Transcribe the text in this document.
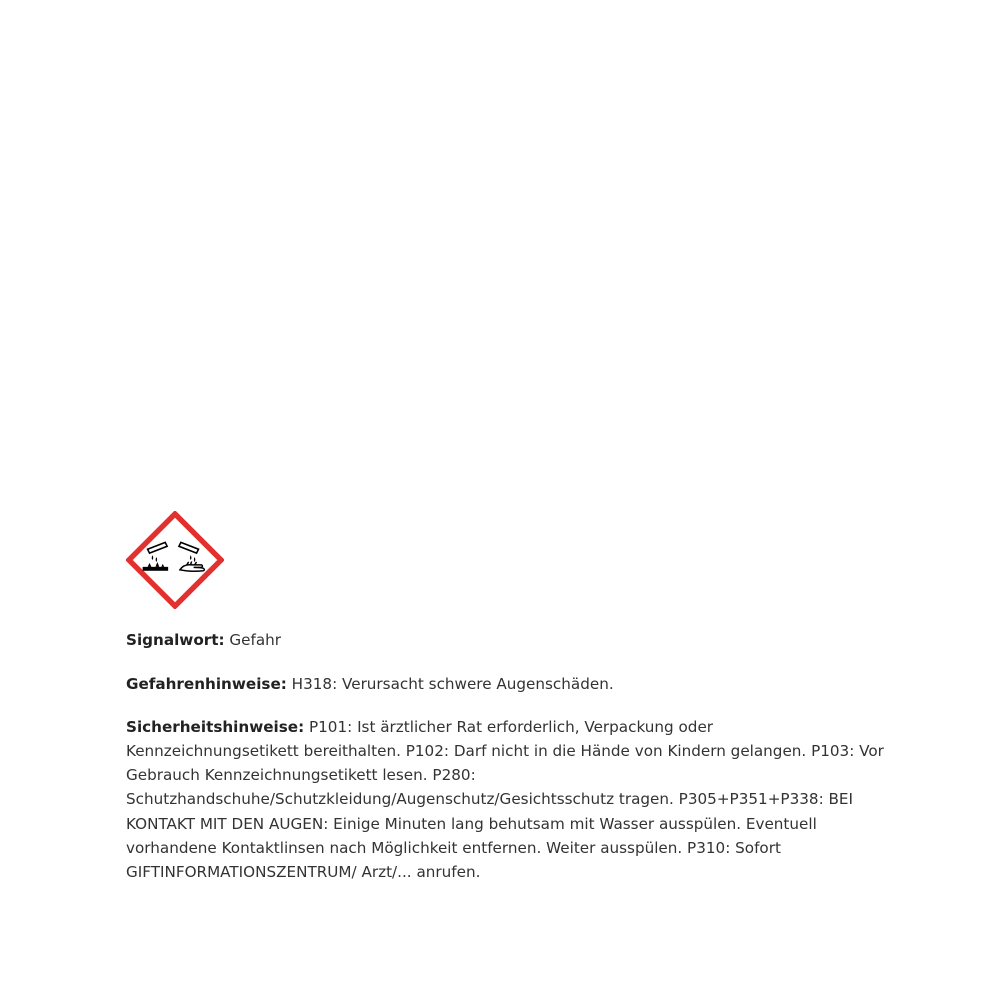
Signalwort: Gefahr

Gefahrenhinweise: H318: Verursacht schwere Augenschäden.

Sicherheitshinweise: P101: Ist ärztlicher Rat erforderlich, Verpackung oder Kennzeichnungsetikett bereithalten. P102: Darf nicht in die Hände von Kindern gelangen. P103: Vor Gebrauch Kennzeichnungsetikett lesen. P280: Schutzhandschuhe/Schutzkleidung/Augenschutz/Gesichtsschutz tragen. P305+P351+P338: BEI KONTAKT MIT DEN AUGEN: Einige Minuten lang behutsam mit Wasser ausspülen. Eventuell vorhandene Kontaktlinsen nach Möglichkeit entfernen. Weiter ausspülen. P310: Sofort GIFTINFORMATIONSZENTRUM/ Arzt/... anrufen.
